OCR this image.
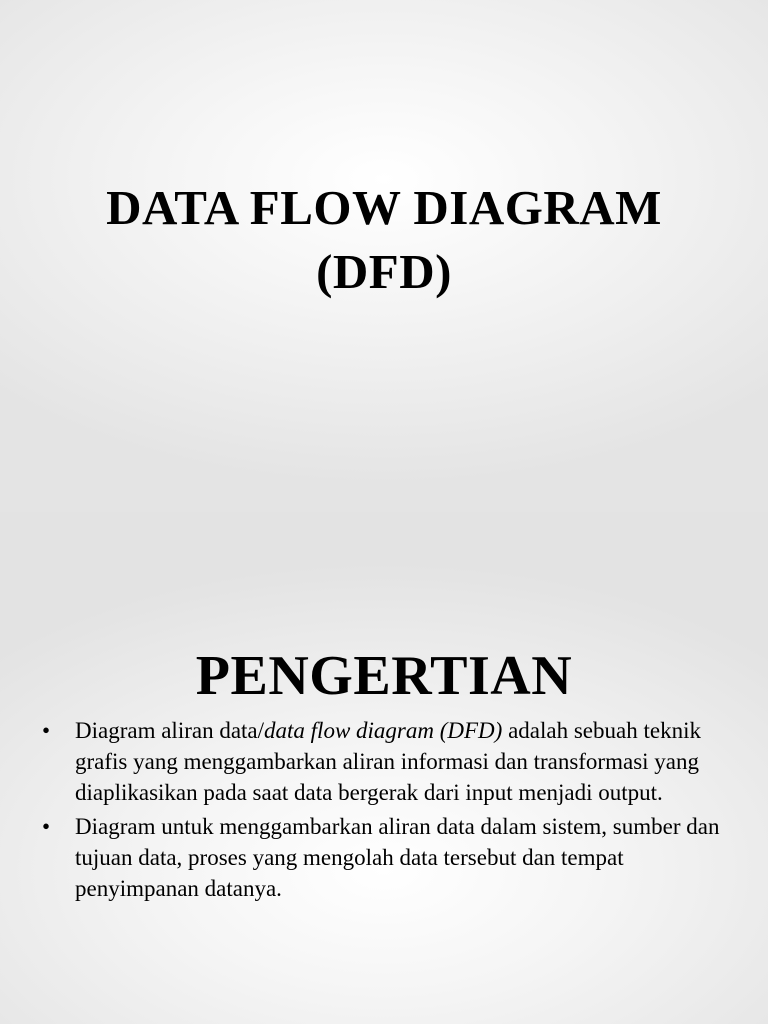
DATA FLOW DIAGRAM
(DFD)
PENGERTIAN
• Diagram aliran data/data flow diagram (DFD) adalah sebuah teknik grafis yang menggambarkan aliran informasi dan transformasi yang diaplikasikan pada saat data bergerak dari input menjadi output.
• Diagram untuk menggambarkan aliran data dalam sistem, sumber dan tujuan data, proses yang mengolah data tersebut dan tempat penyimpanan datanya.
